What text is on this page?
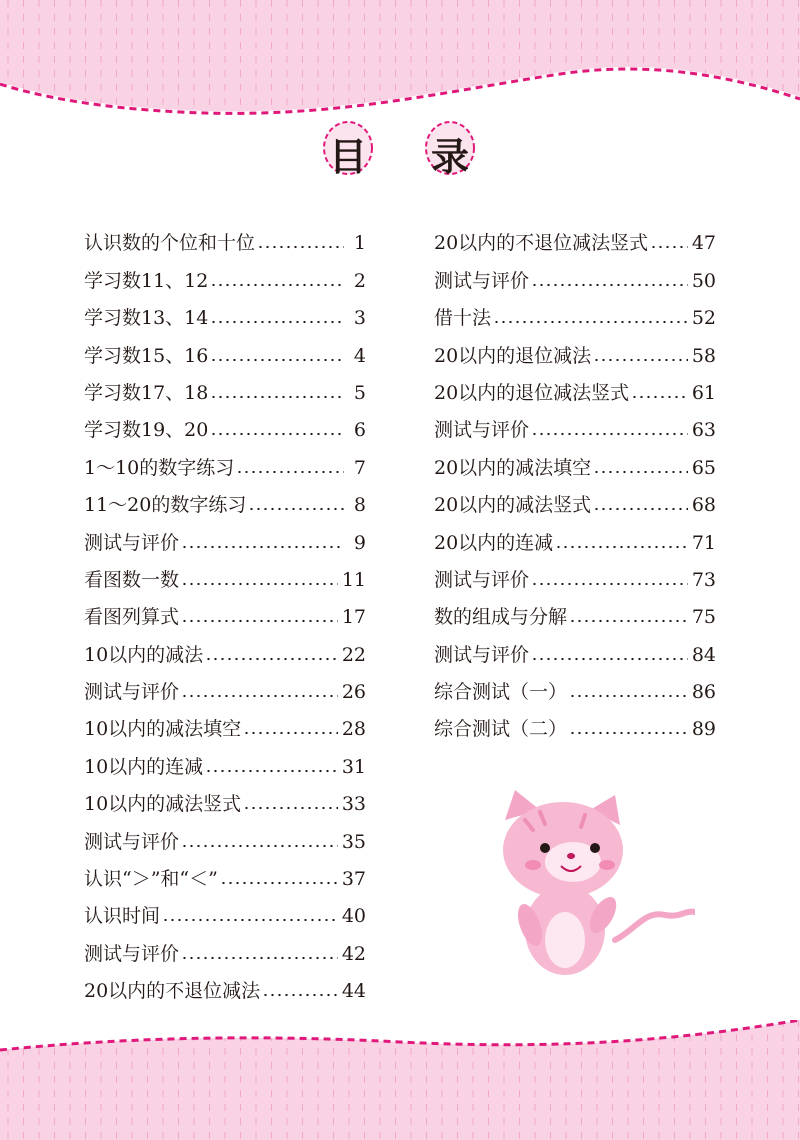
目 录
认识数的个位和十位	1
学习数11、12	2
学习数13、14	3
学习数15、16	4
学习数17、18	5
学习数19、20	6
1～10的数字练习	7
11～20的数字练习	8
测试与评价	9
看图数一数	11
看图列算式	17
10以内的减法	22
测试与评价	26
10以内的减法填空	28
10以内的连减	31
10以内的减法竖式	33
测试与评价	35
认识“＞”和“＜”	37
认识时间	40
测试与评价	42
20以内的不退位减法	44
20以内的不退位减法竖式 47
测试与评价	50
借十法	52
20以内的退位减法	58
20以内的退位减法竖式	61
测试与评价	63
20以内的减法填空	65
20以内的减法竖式	68
20以内的连减	71
测试与评价	73
数的组成与分解	75
测试与评价	84
综合测试（一）	86
综合测试（二）	89
